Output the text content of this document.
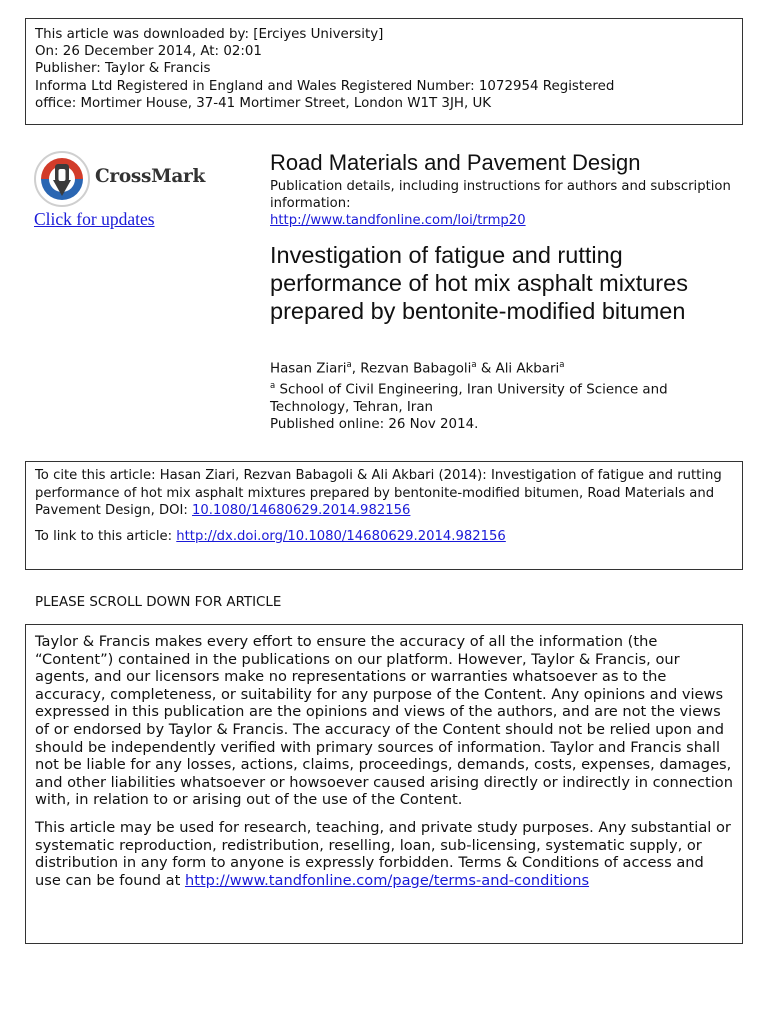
This article was downloaded by: [Erciyes University]
On: 26 December 2014, At: 02:01
Publisher: Taylor & Francis
Informa Ltd Registered in England and Wales Registered Number: 1072954 Registered
office: Mortimer House, 37-41 Mortimer Street, London W1T 3JH, UK
CrossMark
Click for updates
Road Materials and Pavement Design
Publication details, including instructions for authors and subscription information:
http://www.tandfonline.com/loi/trmp20
Investigation of fatigue and rutting performance of hot mix asphalt mixtures prepared by bentonite-modified bitumen
Hasan Ziari$^a$, Rezvan Babagoli$^a$ & Ali Akbari$^a$
$^a$ School of Civil Engineering, Iran University of Science and Technology, Tehran, Iran
Published online: 26 Nov 2014.
To cite this article: Hasan Ziari, Rezvan Babagoli & Ali Akbari (2014): Investigation of fatigue and rutting performance of hot mix asphalt mixtures prepared by bentonite-modified bitumen, Road Materials and Pavement Design, DOI: 10.1080/14680629.2014.982156
To link to this article: http://dx.doi.org/10.1080/14680629.2014.982156
PLEASE SCROLL DOWN FOR ARTICLE

Taylor & Francis makes every effort to ensure the accuracy of all the information (the “Content”) contained in the publications on our platform. However, Taylor & Francis, our agents, and our licensors make no representations or warranties whatsoever as to the accuracy, completeness, or suitability for any purpose of the Content. Any opinions and views expressed in this publication are the opinions and views of the authors, and are not the views of or endorsed by Taylor & Francis. The accuracy of the Content should not be relied upon and should be independently verified with primary sources of information. Taylor and Francis shall not be liable for any losses, actions, claims, proceedings, demands, costs, expenses, damages, and other liabilities whatsoever or howsoever caused arising directly or indirectly in connection with, in relation to or arising out of the use of the Content.

This article may be used for research, teaching, and private study purposes. Any substantial or systematic reproduction, redistribution, reselling, loan, sub-licensing, systematic supply, or distribution in any form to anyone is expressly forbidden. Terms & Conditions of access and use can be found at http://www.tandfonline.com/page/terms-and-conditions
